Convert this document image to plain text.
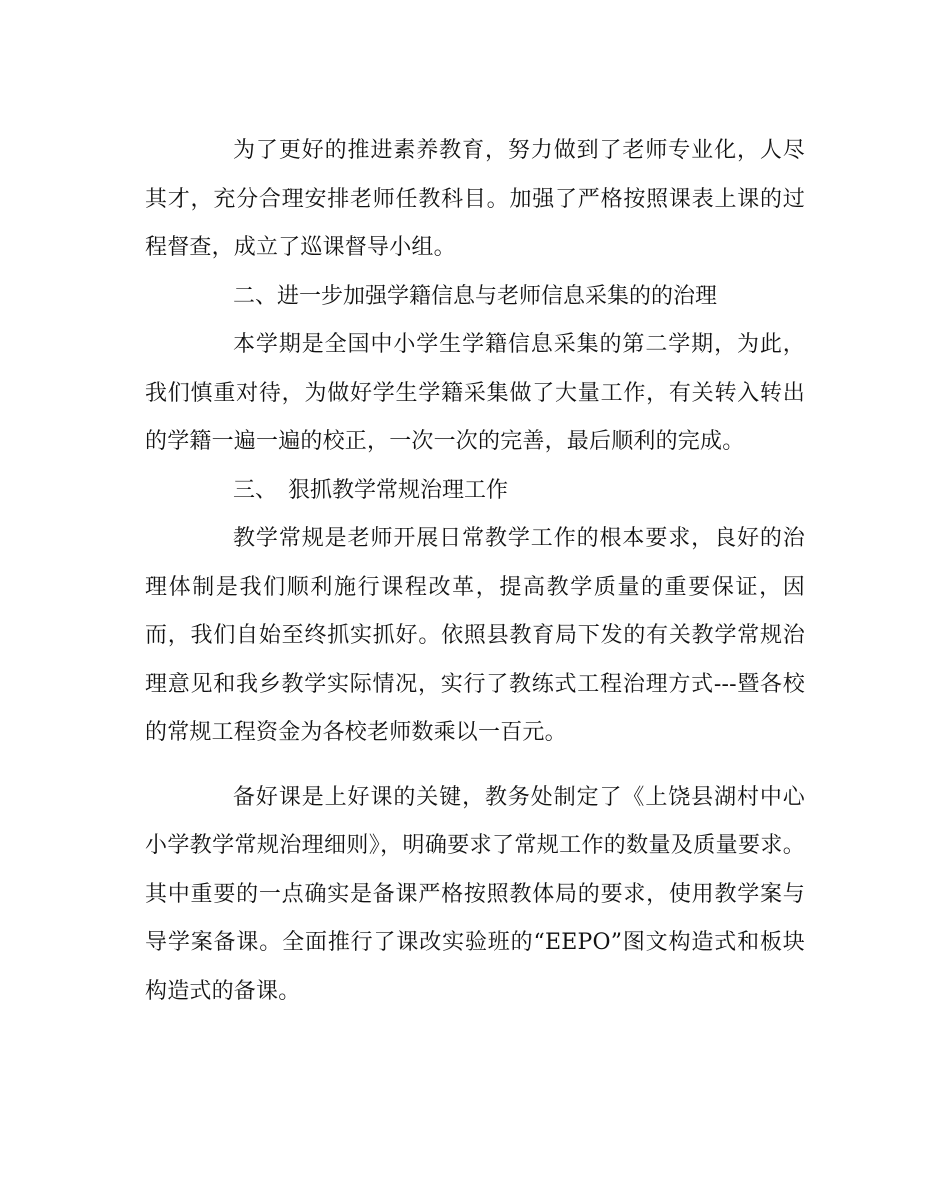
为了更好的推进素养教育，努力做到了老师专业化，人尽其才，充分合理安排老师任教科目。加强了严格按照课表上课的过程督查，成立了巡课督导小组。

二、进一步加强学籍信息与老师信息采集的的治理

本学期是全国中小学生学籍信息采集的第二学期，为此，我们慎重对待，为做好学生学籍采集做了大量工作，有关转入转出的学籍一遍一遍的校正，一次一次的完善，最后顺利的完成。

三、　狠抓教学常规治理工作

教学常规是老师开展日常教学工作的根本要求，良好的治理体制是我们顺利施行课程改革，提高教学质量的重要保证，因而，我们自始至终抓实抓好。依照县教育局下发的有关教学常规治理意见和我乡教学实际情况，实行了教练式工程治理方式---暨各校的常规工程资金为各校老师数乘以一百元。

备好课是上好课的关键，教务处制定了《上饶县湖村中心小学教学常规治理细则》，明确要求了常规工作的数量及质量要求。其中重要的一点确实是备课严格按照教体局的要求，使用教学案与导学案备课。全面推行了课改实验班的“EEPO”图文构造式和板块构造式的备课。
